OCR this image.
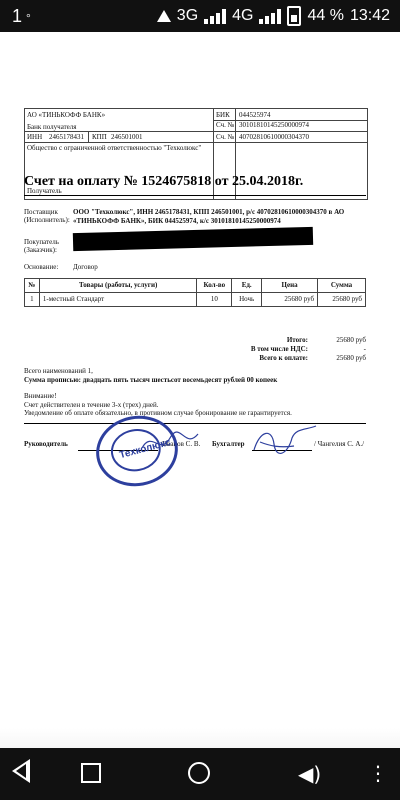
1 °	3G 4G	44 % 13:42
АО «ТИНЬКОФФ БАНК»	БИК 044525974
Сч. № 30101810145250000974
Банк получателя
ИНН 2465178431 КПП 246501001	Сч. № 40702810610000304370
Общество с ограниченной ответственностью "Техколюкс"
Получатель
Счет на оплату № 1524675818 от 25.04.2018г.
Поставщик
(Исполнитель):
ООО "Техколюкс", ИНН 2465178431, КПП 246501001, р/с 40702810610000304370 в АО «ТИНЬКОФФ БАНК», БИК 044525974, к/с 30101810145250000974
Покупатель
(Заказчик):
Основание:	Договор
№	Товары (работы, услуги)	Кол-во	Ед.	Цена	Сумма
1	1-местный Стандарт	10	Ночь	25680 руб	25680 руб
Итого:	25680 руб
В том числе НДС:	-
Всего к оплате:	25680 руб
Всего наименований 1,
Сумма прописью: двадцать пять тысяч шестьсот восемьдесят рублей 00 копеек
Внимание!
Счет действителен в течение 3-х (трех) дней.
Уведомление об оплате обязательно, в противном случае бронирование не гарантируется.
Руководитель	Иванов С. В. Бухгалтер	/ Чангелия С. А./
Техколюкс
◀) ⋮
